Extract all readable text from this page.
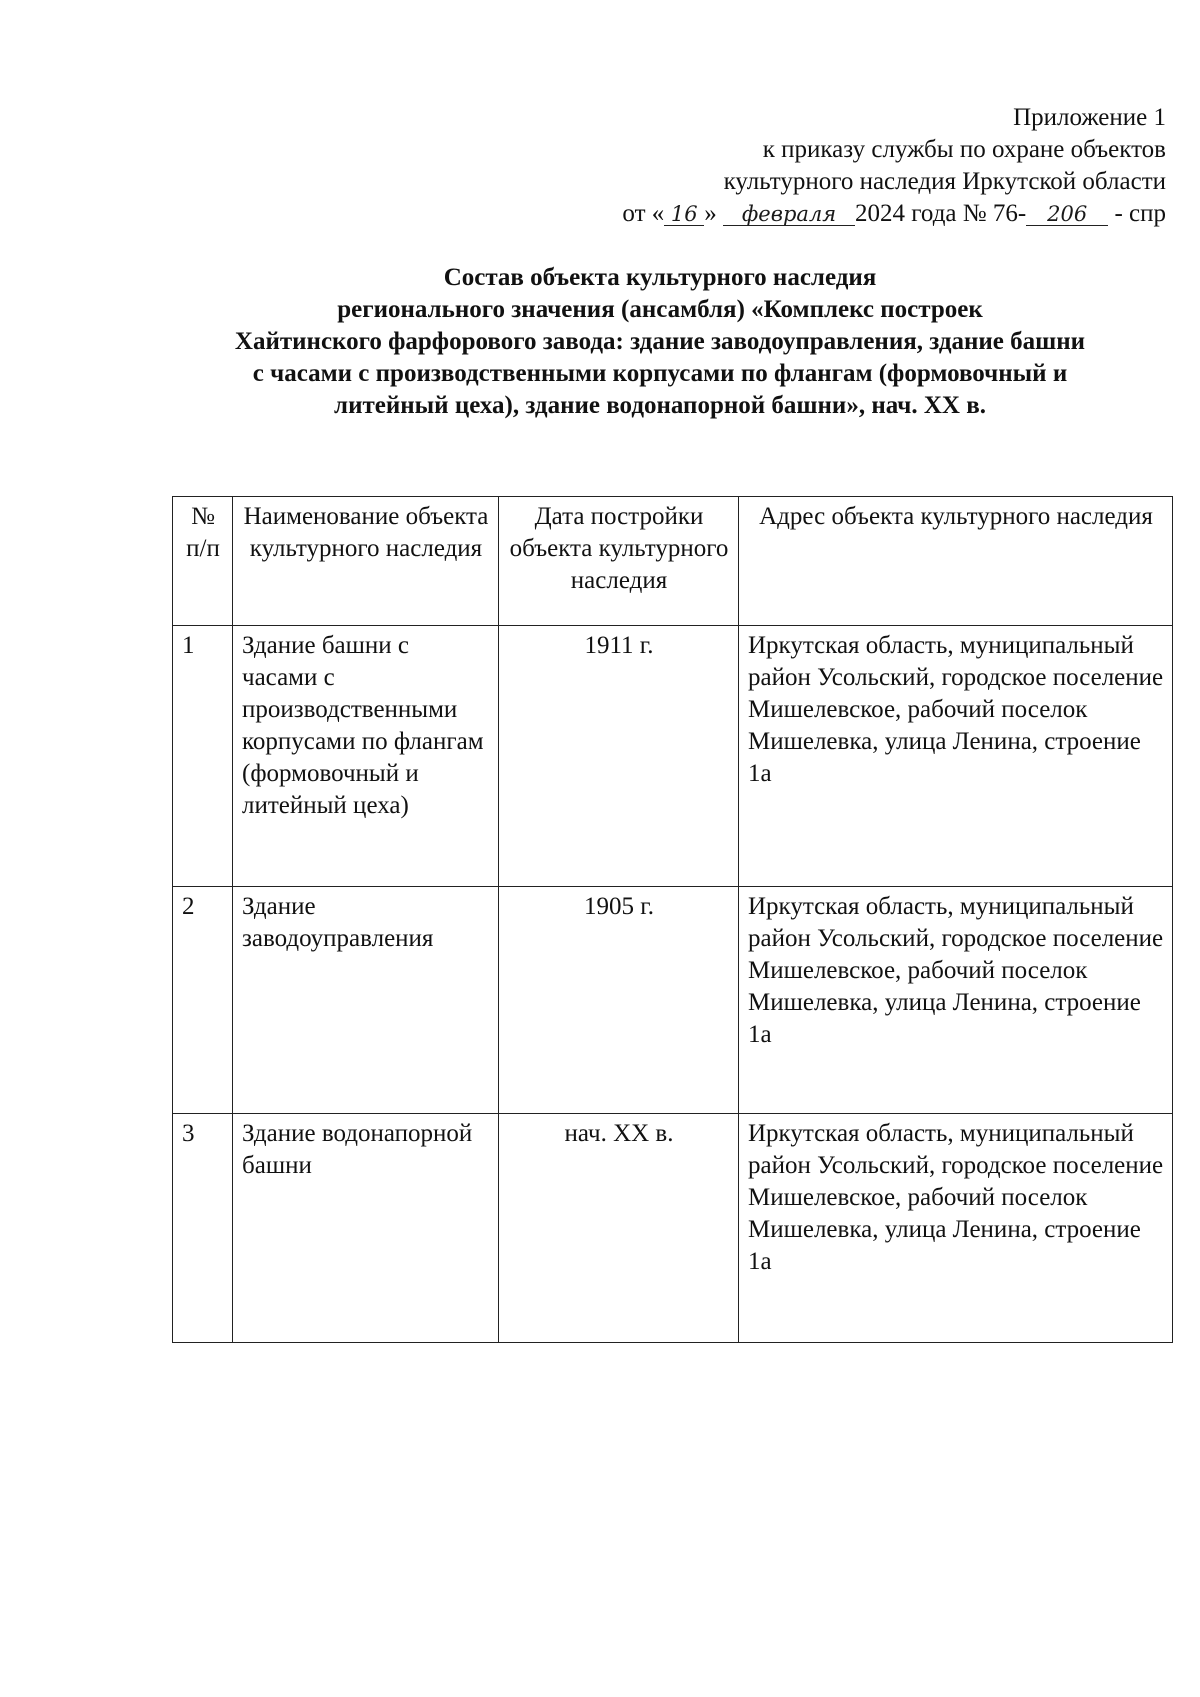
Приложение 1
к приказу службы по охране объектов
культурного наследия Иркутской области
от « 16 » февраля 2024 года № 76- 206 - спр
Состав объекта культурного наследия
регионального значения (ансамбля) «Комплекс построек
Хайтинского фарфорового завода: здание заводоуправления, здание башни
с часами с производственными корпусами по флангам (формовочный и
литейный цеха), здание водонапорной башни», нач. XX в.
№ п/п	Наименование объекта культурного наследия	Дата постройки объекта культурного наследия	Адрес объекта культурного наследия
1	Здание башни с часами с производственными корпусами по флангам (формовочный и литейный цеха)	1911 г.	Иркутская область, муниципальный район Усольский, городское поселение Мишелевское, рабочий поселок Мишелевка, улица Ленина, строение 1а
2	Здание заводоуправления	1905 г.	Иркутская область, муниципальный район Усольский, городское поселение Мишелевское, рабочий поселок Мишелевка, улица Ленина, строение 1а
3	Здание водонапорной башни	нач. XX в.	Иркутская область, муниципальный район Усольский, городское поселение Мишелевское, рабочий поселок Мишелевка, улица Ленина, строение 1а
